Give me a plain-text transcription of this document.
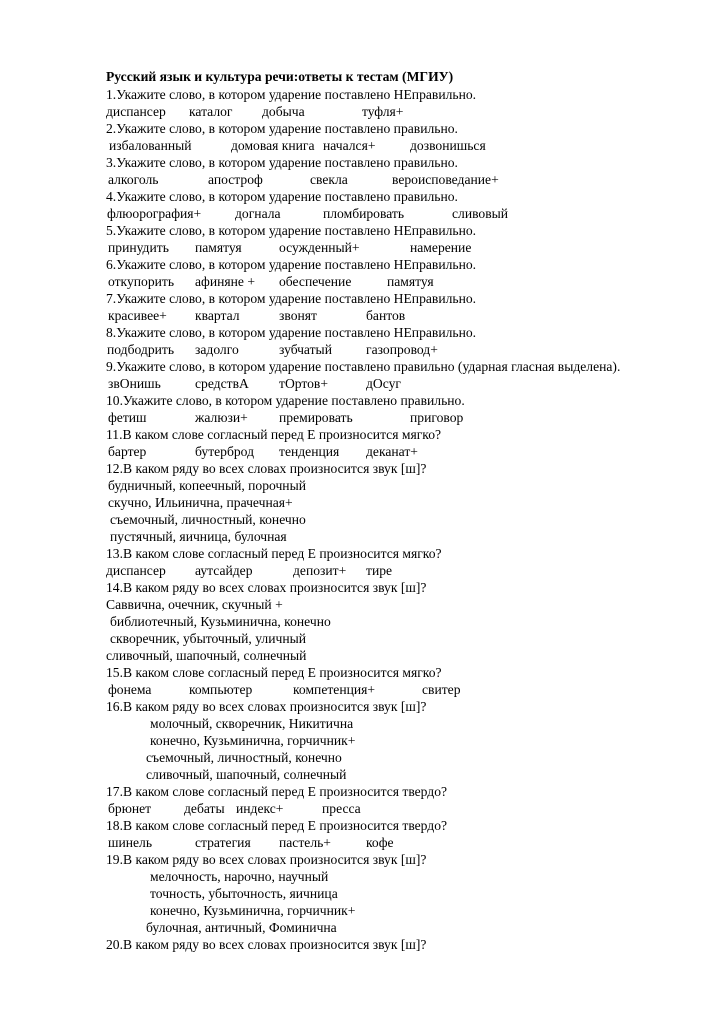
Русский язык и культура речи:ответы к тестам (МГИУ)
1.Укажите слово, в котором ударение поставлено НЕправильно.
диспансер каталог добыча	туфля+
2.Укажите слово, в котором ударение поставлено правильно.
избалованный	домовая книга начался+	дозвонишься
3.Укажите слово, в котором ударение поставлено правильно.
алкоголь	апостроф	свекла	вероисповедание+
4.Укажите слово, в котором ударение поставлено правильно.
флюорография+ догнала	пломбировать	сливовый
5.Укажите слово, в котором ударение поставлено НЕправильно.
принудить памятуя	осужденный+	намерение
6.Укажите слово, в котором ударение поставлено НЕправильно.
откупорить афиняне + обеспечение	памятуя
7.Укажите слово, в котором ударение поставлено НЕправильно.
красивее+ квартал	звонят	бантов
8.Укажите слово, в котором ударение поставлено НЕправильно.
подбодрить задолго	зубчатый	газопровод+
9.Укажите слово, в котором ударение поставлено правильно (ударная гласная выделена).
звОнишь	средствА тОртов+	дОсуг
10.Укажите слово, в котором ударение поставлено правильно.
фетиш	жалюзи+ премировать	приговор
11.В каком слове согласный перед Е произносится мягко?
бартер	бутерброд тенденция деканат+
12.В каком ряду во всех словах произносится звук [ш]?
будничный, копеечный, порочный
скучно, Ильинична, прачечная+
съемочный, личностный, конечно
пустячный, яичница, булочная
13.В каком слове согласный перед Е произносится мягко?
диспансер аутсайдер	депозит+ тире
14.В каком ряду во всех словах произносится звук [ш]?
Саввична, очечник, скучный +
библиотечный, Кузьминична, конечно
скворечник, убыточный, уличный
сливочный, шапочный, солнечный
15.В каком слове согласный перед Е произносится мягко?
фонема	компьютер	компетенция+	свитер
16.В каком ряду во всех словах произносится звук [ш]?
молочный, скворечник, Никитична
конечно, Кузьминична, горчичник+
съемочный, личностный, конечно
сливочный, шапочный, солнечный
17.В каком слове согласный перед Е произносится твердо?
брюнет дебаты индекс+	пресса
18.В каком слове согласный перед Е произносится твердо?
шинель	стратегия пастель+	кофе
19.В каком ряду во всех словах произносится звук [ш]?
мелочность, нарочно, научный
точность, убыточность, яичница
конечно, Кузьминична, горчичник+
булочная, античный, Фоминична
20.В каком ряду во всех словах произносится звук [ш]?
